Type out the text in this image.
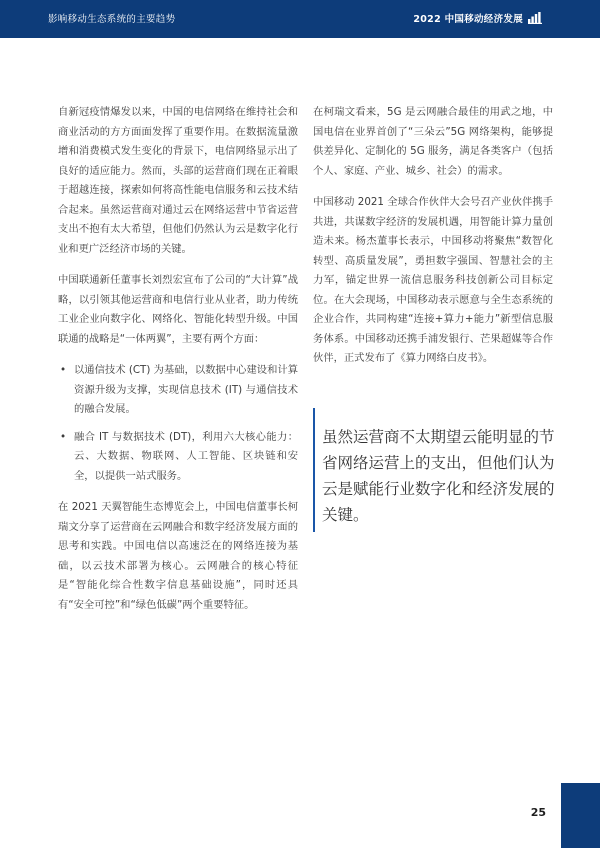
影响移动生态系统的主要趋势	2022 中国移动经济发展

自新冠疫情爆发以来，中国的电信网络在维持社会和商业活动的方方面面发挥了重要作用。在数据流量激增和消费模式发生变化的背景下，电信网络显示出了良好的适应能力。然而，头部的运营商们现在正着眼于超越连接，探索如何将高性能电信服务和云技术结合起来。虽然运营商对通过云在网络运营中节省运营支出不抱有太大希望，但他们仍然认为云是数字化行业和更广泛经济市场的关键。

中国联通新任董事长刘烈宏宣布了公司的“大计算”战略，以引领其他运营商和电信行业从业者，助力传统工业企业向数字化、网络化、智能化转型升级。中国联通的战略是“一体两翼”，主要有两个方面：

• 以通信技术 (CT) 为基础，以数据中心建设和计算资源升级为支撑，实现信息技术 (IT) 与通信技术的融合发展。
• 融合 IT 与数据技术 (DT)，利用六大核心能力：云、大数据、物联网、人工智能、区块链和安全，以提供一站式服务。

在 2021 天翼智能生态博览会上，中国电信董事长柯瑞文分享了运营商在云网融合和数字经济发展方面的思考和实践。中国电信以高速泛在的网络连接为基础，以云技术部署为核心。云网融合的核心特征是“智能化综合性数字信息基础设施”，同时还具有“安全可控”和“绿色低碳”两个重要特征。

在柯瑞文看来，5G 是云网融合最佳的用武之地，中国电信在业界首创了“三朵云”5G 网络架构，能够提供差异化、定制化的 5G 服务，满足各类客户（包括个人、家庭、产业、城乡、社会）的需求。

中国移动 2021 全球合作伙伴大会号召产业伙伴携手共进，共谋数字经济的发展机遇，用智能计算力量创造未来。杨杰董事长表示，中国移动将聚焦“数智化转型、高质量发展”，勇担数字强国、智慧社会的主力军，锚定世界一流信息服务科技创新公司目标定位。在大会现场，中国移动表示愿意与全生态系统的企业合作，共同构建“连接+算力+能力”新型信息服务体系。中国移动还携手浦发银行、芒果超媒等合作伙伴，正式发布了《算力网络白皮书》。

虽然运营商不太期望云能明显的节省网络运营上的支出，但他们认为云是赋能行业数字化和经济发展的关键。

25
